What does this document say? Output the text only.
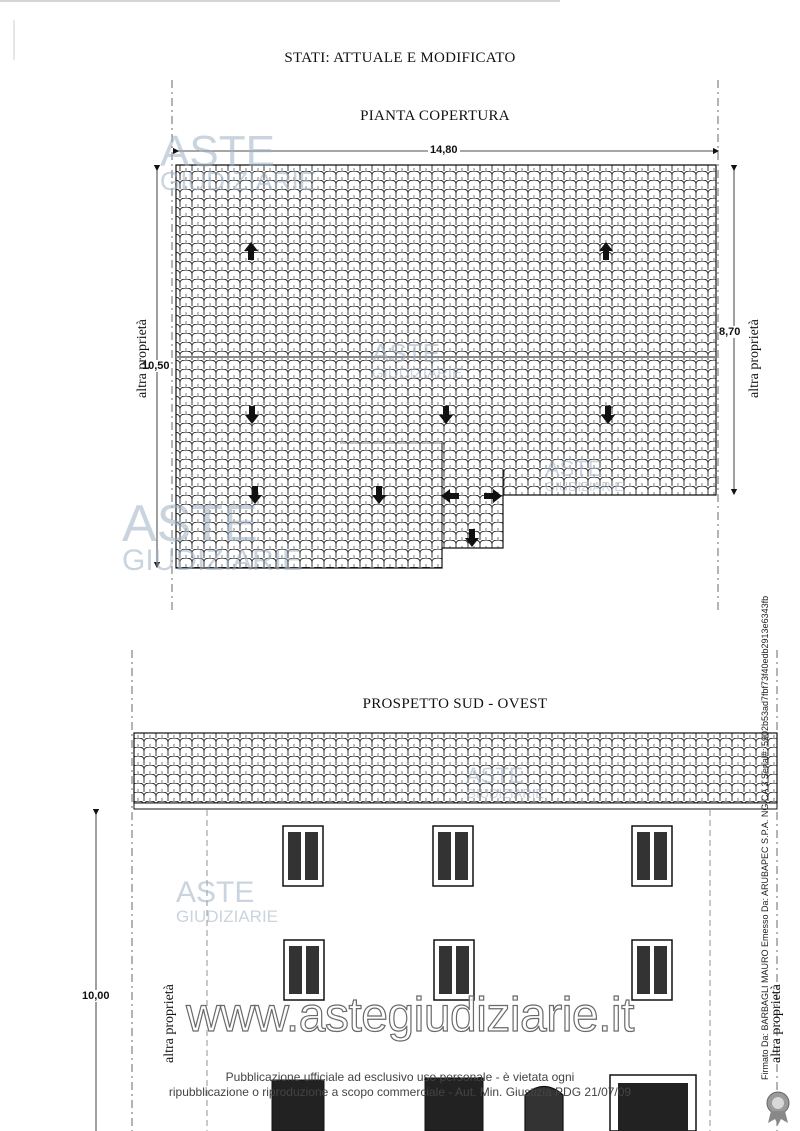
STATI: ATTUALE E MODIFICATO
PIANTA COPERTURA
PROSPETTO SUD - OVEST
14,80
10,50
8,70
10,00
altra proprietà	altra proprietà
altra proprietà	altra proprietà
ASTE
GIUDIZIARIE
ASTE
GIUDIZIARIE
ASTE
GIUDIZIARIE
ASTE
GIUDIZIARIE
ASTE
GIUDIZIARIE
ASTE
GIUDIZIARIE
www.astegiudiziarie.it
Pubblicazione ufficiale ad esclusivo uso personale - è vietata ogni
ripubblicazione o riproduzione a scopo commerciale - Aut. Min. Giustizia PDG 21/07/09
Firmato Da: BARBAGLI MAURO Emesso Da: ARUBAPEC S.P.A. NG CA 3 Serial#: 5902b53ad7fbf73f40edb2913e6343fb
